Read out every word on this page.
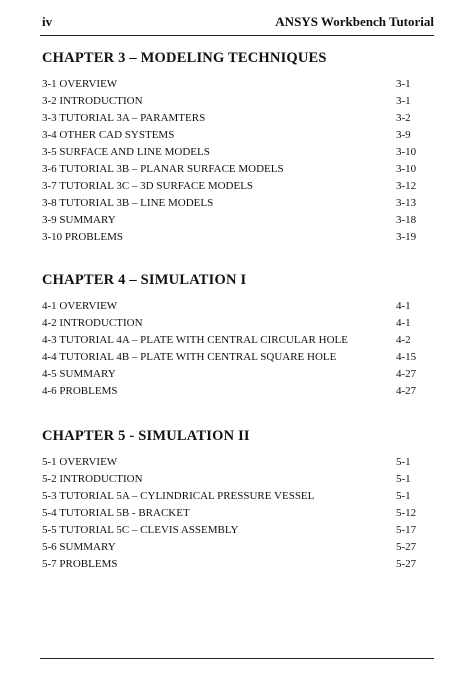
iv	ANSYS Workbench Tutorial
CHAPTER 3 – MODELING TECHNIQUES
3-1 OVERVIEW	3-1
3-2 INTRODUCTION	3-1
3-3 TUTORIAL 3A – PARAMTERS	3-2
3-4 OTHER CAD SYSTEMS	3-9
3-5 SURFACE AND LINE MODELS	3-10
3-6 TUTORIAL 3B – PLANAR SURFACE MODELS	3-10
3-7 TUTORIAL 3C – 3D SURFACE MODELS	3-12
3-8 TUTORIAL 3B – LINE MODELS	3-13
3-9 SUMMARY	3-18
3-10 PROBLEMS	3-19
CHAPTER 4 – SIMULATION I
4-1 OVERVIEW	4-1
4-2 INTRODUCTION	4-1
4-3 TUTORIAL 4A – PLATE WITH CENTRAL CIRCULAR HOLE	4-2
4-4 TUTORIAL 4B – PLATE WITH CENTRAL SQUARE HOLE	4-15
4-5 SUMMARY	4-27
4-6 PROBLEMS	4-27
CHAPTER 5 - SIMULATION II
5-1 OVERVIEW	5-1
5-2 INTRODUCTION	5-1
5-3 TUTORIAL 5A – CYLINDRICAL PRESSURE VESSEL	5-1
5-4 TUTORIAL 5B - BRACKET	5-12
5-5 TUTORIAL 5C – CLEVIS ASSEMBLY	5-17
5-6 SUMMARY	5-27
5-7 PROBLEMS	5-27
